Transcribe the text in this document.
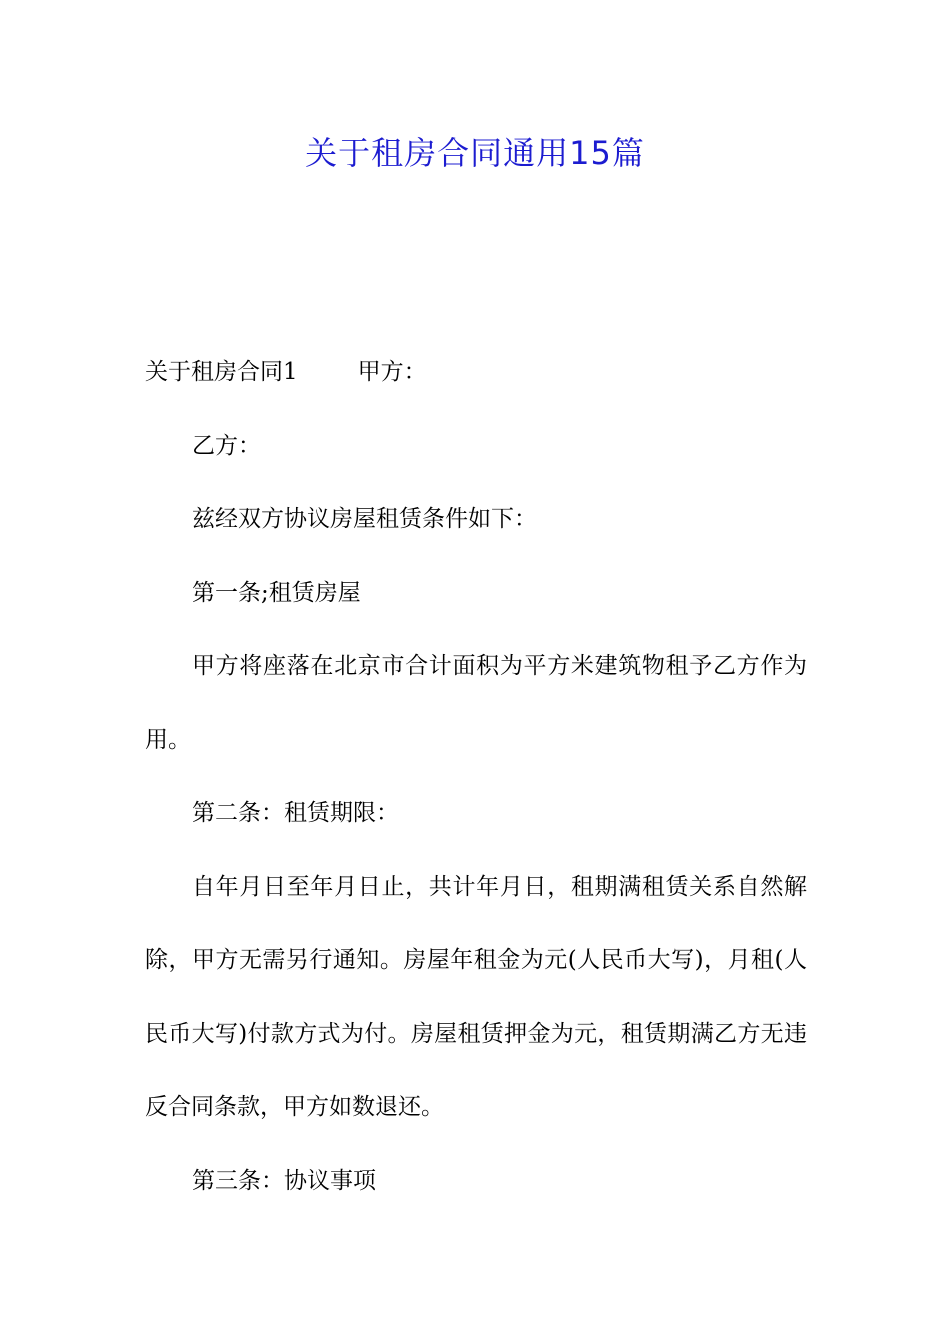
关于租房合同通用15篇

关于租房合同1	甲方：

乙方：

兹经双方协议房屋租赁条件如下：

第一条;租赁房屋

甲方将座落在北京市合计面积为平方米建筑物租予乙方作为用。

第二条：租赁期限：

自年月日至年月日止，共计年月日，租期满租赁关系自然解除，甲方无需另行通知。房屋年租金为元(人民币大写)，月租(人民币大写)付款方式为付。房屋租赁押金为元，租赁期满乙方无违反合同条款，甲方如数退还。

第三条：协议事项
